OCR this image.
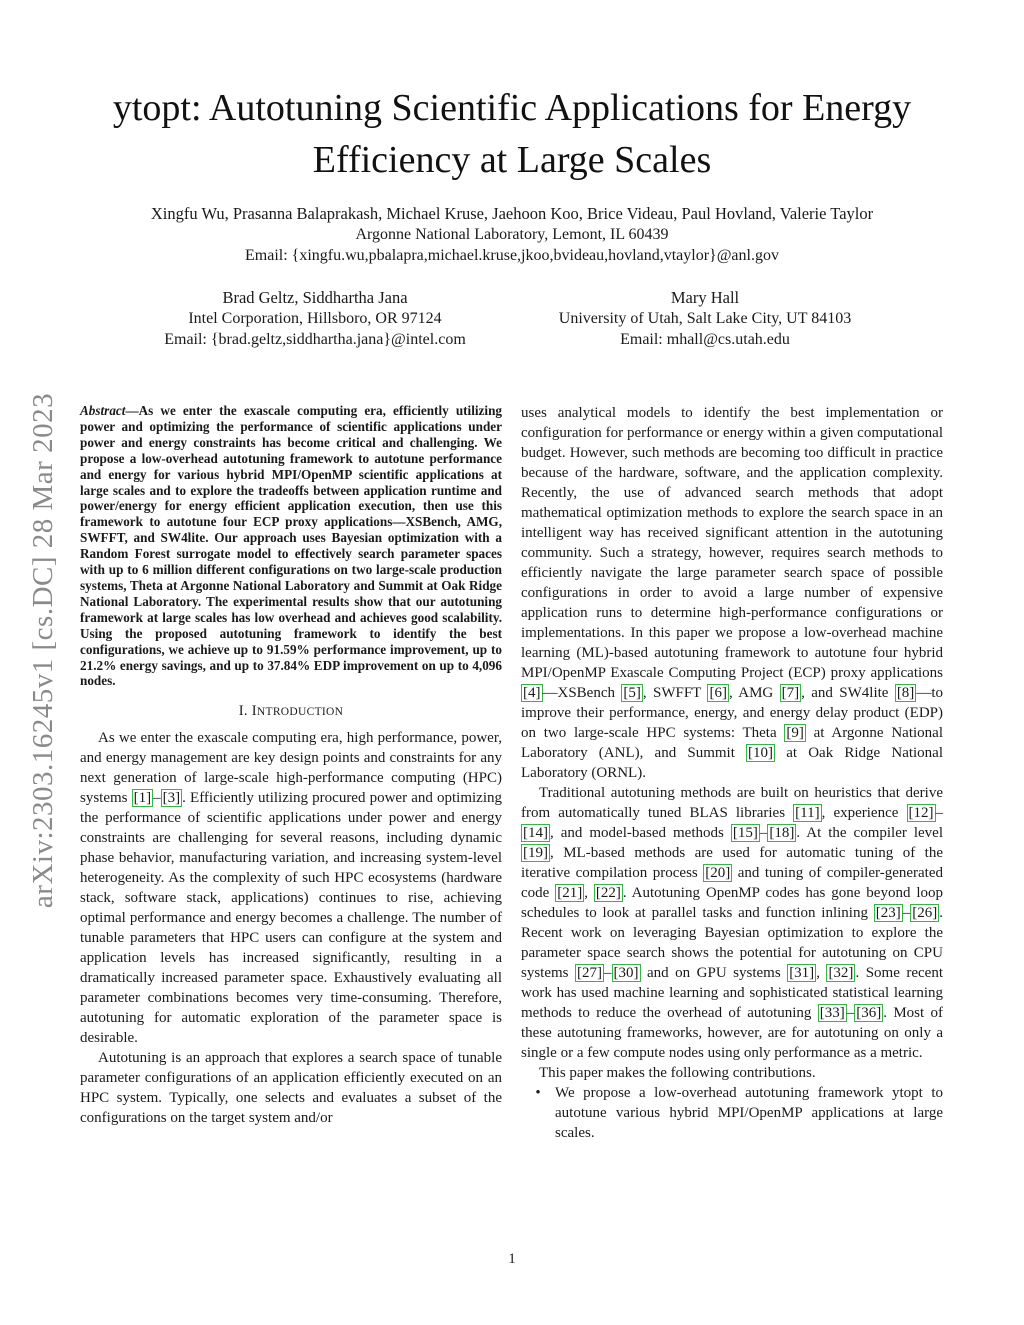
arXiv:2303.16245v1 [cs.DC] 28 Mar 2023
ytopt: Autotuning Scientific Applications for Energy Efficiency at Large Scales
Xingfu Wu, Prasanna Balaprakash, Michael Kruse, Jaehoon Koo, Brice Videau, Paul Hovland, Valerie Taylor
Argonne National Laboratory, Lemont, IL 60439
Email: {xingfu.wu,pbalapra,michael.kruse,jkoo,bvideau,hovland,vtaylor}@anl.gov
Brad Geltz, Siddhartha Jana
Intel Corporation, Hillsboro, OR 97124
Email: {brad.geltz,siddhartha.jana}@intel.com
Mary Hall
University of Utah, Salt Lake City, UT 84103
Email: mhall@cs.utah.edu

Abstract—As we enter the exascale computing era, efficiently utilizing power and optimizing the performance of scientific applications under power and energy constraints has become critical and challenging. We propose a low-overhead autotuning framework to autotune performance and energy for various hybrid MPI/OpenMP scientific applications at large scales and to explore the tradeoffs between application runtime and power/energy for energy efficient application execution, then use this framework to autotune four ECP proxy applications—XSBench, AMG, SWFFT, and SW4lite. Our approach uses Bayesian optimization with a Random Forest surrogate model to effectively search parameter spaces with up to 6 million different configurations on two large-scale production systems, Theta at Argonne National Laboratory and Summit at Oak Ridge National Laboratory. The experimental results show that our autotuning framework at large scales has low overhead and achieves good scalability. Using the proposed autotuning framework to identify the best configurations, we achieve up to 91.59% performance improvement, up to 21.2% energy savings, and up to 37.84% EDP improvement on up to 4,096 nodes.

I. INTRODUCTION

As we enter the exascale computing era, high performance, power, and energy management are key design points and constraints for any next generation of large-scale high-performance computing (HPC) systems [1] – [3] . Efficiently utilizing procured power and optimizing the performance of scientific applications under power and energy constraints are challenging for several reasons, including dynamic phase behavior, manufacturing variation, and increasing system-level heterogeneity. As the complexity of such HPC ecosystems (hardware stack, software stack, applications) continues to rise, achieving optimal performance and energy becomes a challenge. The number of tunable parameters that HPC users can configure at the system and application levels has increased significantly, resulting in a dramatically increased parameter space. Exhaustively evaluating all parameter combinations becomes very time-consuming. Therefore, autotuning for automatic exploration of the parameter space is desirable.

Autotuning is an approach that explores a search space of tunable parameter configurations of an application efficiently executed on an HPC system. Typically, one selects and evaluates a subset of the configurations on the target system and/or

uses analytical models to identify the best implementation or configuration for performance or energy within a given computational budget. However, such methods are becoming too difficult in practice because of the hardware, software, and the application complexity. Recently, the use of advanced search methods that adopt mathematical optimization methods to explore the search space in an intelligent way has received significant attention in the autotuning community. Such a strategy, however, requires search methods to efficiently navigate the large parameter search space of possible configurations in order to avoid a large number of expensive application runs to determine high-performance configurations or implementations. In this paper we propose a low-overhead machine learning (ML)-based autotuning framework to autotune four hybrid MPI/OpenMP Exascale Computing Project (ECP) proxy applications [4] —XSBench [5] , SWFFT [6] , AMG [7] , and SW4lite [8] —to improve their performance, energy, and energy delay product (EDP) on two large-scale HPC systems: Theta [9] at Argonne National Laboratory (ANL), and Summit [10] at Oak Ridge National Laboratory (ORNL).

Traditional autotuning methods are built on heuristics that derive from automatically tuned BLAS libraries [11] , experience [12] –[14] , and model-based methods [15] – [18] . At the compiler level [19] , ML-based methods are used for automatic tuning of the iterative compilation process [20] and tuning of compiler-generated code [21] , [22] . Autotuning OpenMP codes has gone beyond loop schedules to look at parallel tasks and function inlining [23] – [26] . Recent work on leveraging Bayesian optimization to explore the parameter space search shows the potential for autotuning on CPU systems [27] – [30] and on GPU systems [31] , [32] . Some recent work has used machine learning and sophisticated statistical learning methods to reduce the overhead of autotuning [33] – [36] . Most of these autotuning frameworks, however, are for autotuning on only a single or a few compute nodes using only performance as a metric.

This paper makes the following contributions.

• We propose a low-overhead autotuning framework ytopt to autotune various hybrid MPI/OpenMP applications at large scales.
1
